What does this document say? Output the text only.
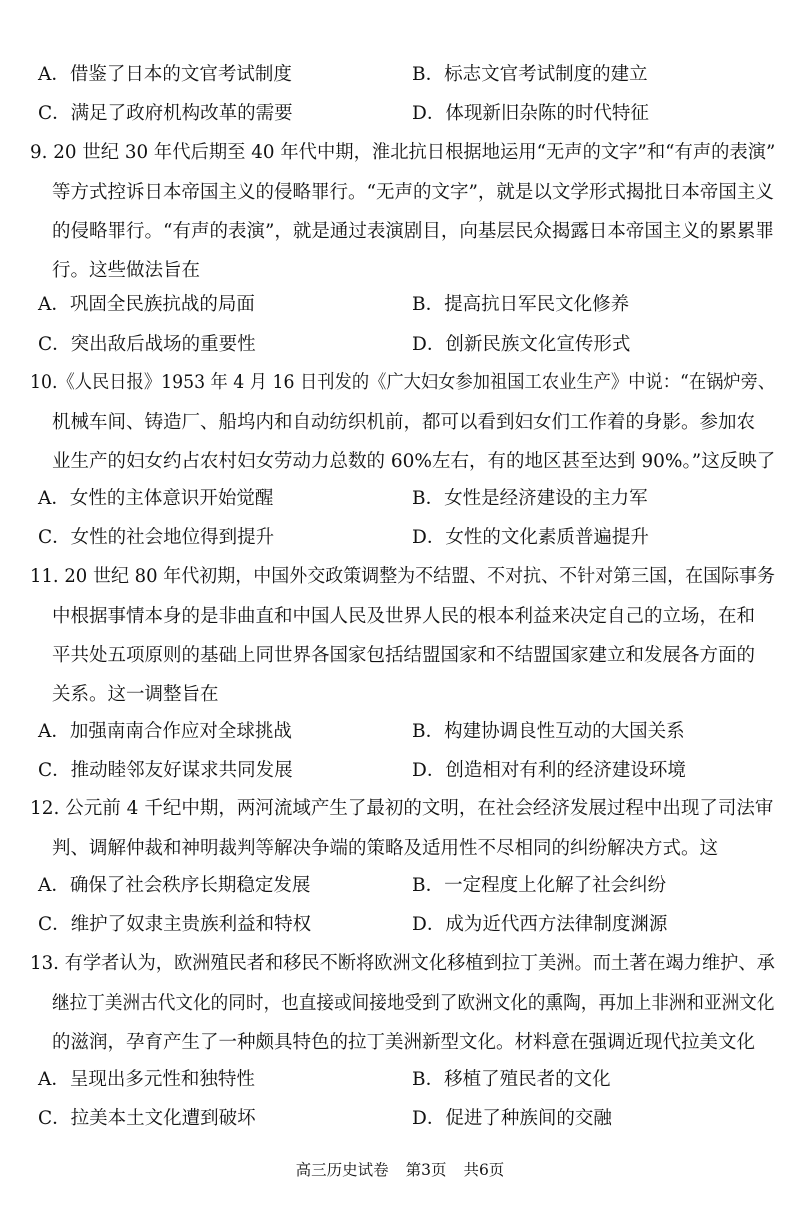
A．借鉴了日本的文官考试制度	B．标志文官考试制度的建立
C．满足了政府机构改革的需要	D．体现新旧杂陈的时代特征
9. 20 世纪 30 年代后期至 40 年代中期，淮北抗日根据地运用“无声的文字”和“有声的表演”
等方式控诉日本帝国主义的侵略罪行。“无声的文字”，就是以文学形式揭批日本帝国主义
的侵略罪行。“有声的表演”，就是通过表演剧目，向基层民众揭露日本帝国主义的累累罪
行。这些做法旨在
A．巩固全民族抗战的局面	B．提高抗日军民文化修养
C．突出敌后战场的重要性	D．创新民族文化宣传形式
10.《人民日报》1953 年 4 月 16 日刊发的《广大妇女参加祖国工农业生产》中说：“在锅炉旁、
机械车间、铸造厂、船坞内和自动纺织机前，都可以看到妇女们工作着的身影。参加农
业生产的妇女约占农村妇女劳动力总数的 60%左右，有的地区甚至达到 90%。”这反映了
A．女性的主体意识开始觉醒	B．女性是经济建设的主力军
C．女性的社会地位得到提升	D．女性的文化素质普遍提升
11. 20 世纪 80 年代初期，中国外交政策调整为不结盟、不对抗、不针对第三国，在国际事务
中根据事情本身的是非曲直和中国人民及世界人民的根本利益来决定自己的立场，在和
平共处五项原则的基础上同世界各国家包括结盟国家和不结盟国家建立和发展各方面的
关系。这一调整旨在
A．加强南南合作应对全球挑战	B．构建协调良性互动的大国关系
C．推动睦邻友好谋求共同发展	D．创造相对有利的经济建设环境
12. 公元前 4 千纪中期，两河流域产生了最初的文明，在社会经济发展过程中出现了司法审
判、调解仲裁和神明裁判等解决争端的策略及适用性不尽相同的纠纷解决方式。这
A．确保了社会秩序长期稳定发展	B．一定程度上化解了社会纠纷
C．维护了奴隶主贵族利益和特权	D．成为近代西方法律制度渊源
13. 有学者认为，欧洲殖民者和移民不断将欧洲文化移植到拉丁美洲。而土著在竭力维护、承
继拉丁美洲古代文化的同时，也直接或间接地受到了欧洲文化的熏陶，再加上非洲和亚洲文化
的滋润，孕育产生了一种颇具特色的拉丁美洲新型文化。材料意在强调近现代拉美文化
A．呈现出多元性和独特性	B．移植了殖民者的文化
C．拉美本土文化遭到破坏	D．促进了种族间的交融
高三历史试卷 第3页 共6页
